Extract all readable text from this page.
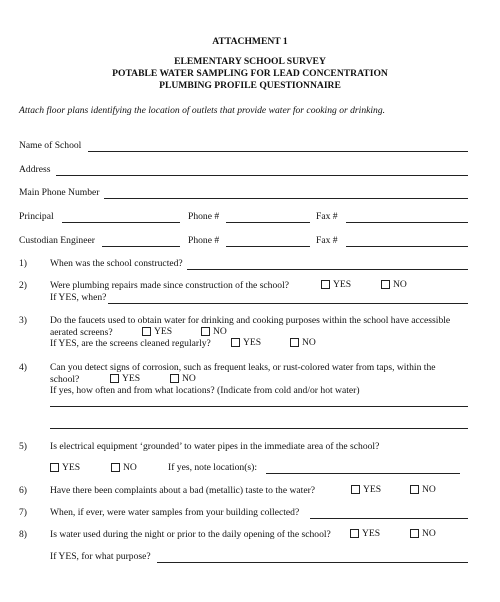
ATTACHMENT 1
ELEMENTARY SCHOOL SURVEY
POTABLE WATER SAMPLING FOR LEAD CONCENTRATION
PLUMBING PROFILE QUESTIONNAIRE
Attach floor plans identifying the location of outlets that provide water for cooking or drinking.
Name of School
Address
Main Phone Number
Principal	Phone #	Fax #
Custodian Engineer	Phone #	Fax #
1) When was the school constructed?
2) Were plumbing repairs made since construction of the school?	YES	NO
If YES, when?
3) Do the faucets used to obtain water for drinking and cooking purposes within the school have accessible
aerated screens?	YES	NO
If YES, are the screens cleaned regularly?	YES	NO
4) Can you detect signs of corrosion, such as frequent leaks, or rust-colored water from taps, within the
school?	YES	NO
If yes, how often and from what locations? (Indicate from cold and/or hot water)
5) Is electrical equipment ‘grounded’ to water pipes in the immediate area of the school?
YES	NO	If yes, note location(s):
6) Have there been complaints about a bad (metallic) taste to the water?	YES	NO
7) When, if ever, were water samples from your building collected?
8) Is water used during the night or prior to the daily opening of the school?	YES	NO
If YES, for what purpose?
